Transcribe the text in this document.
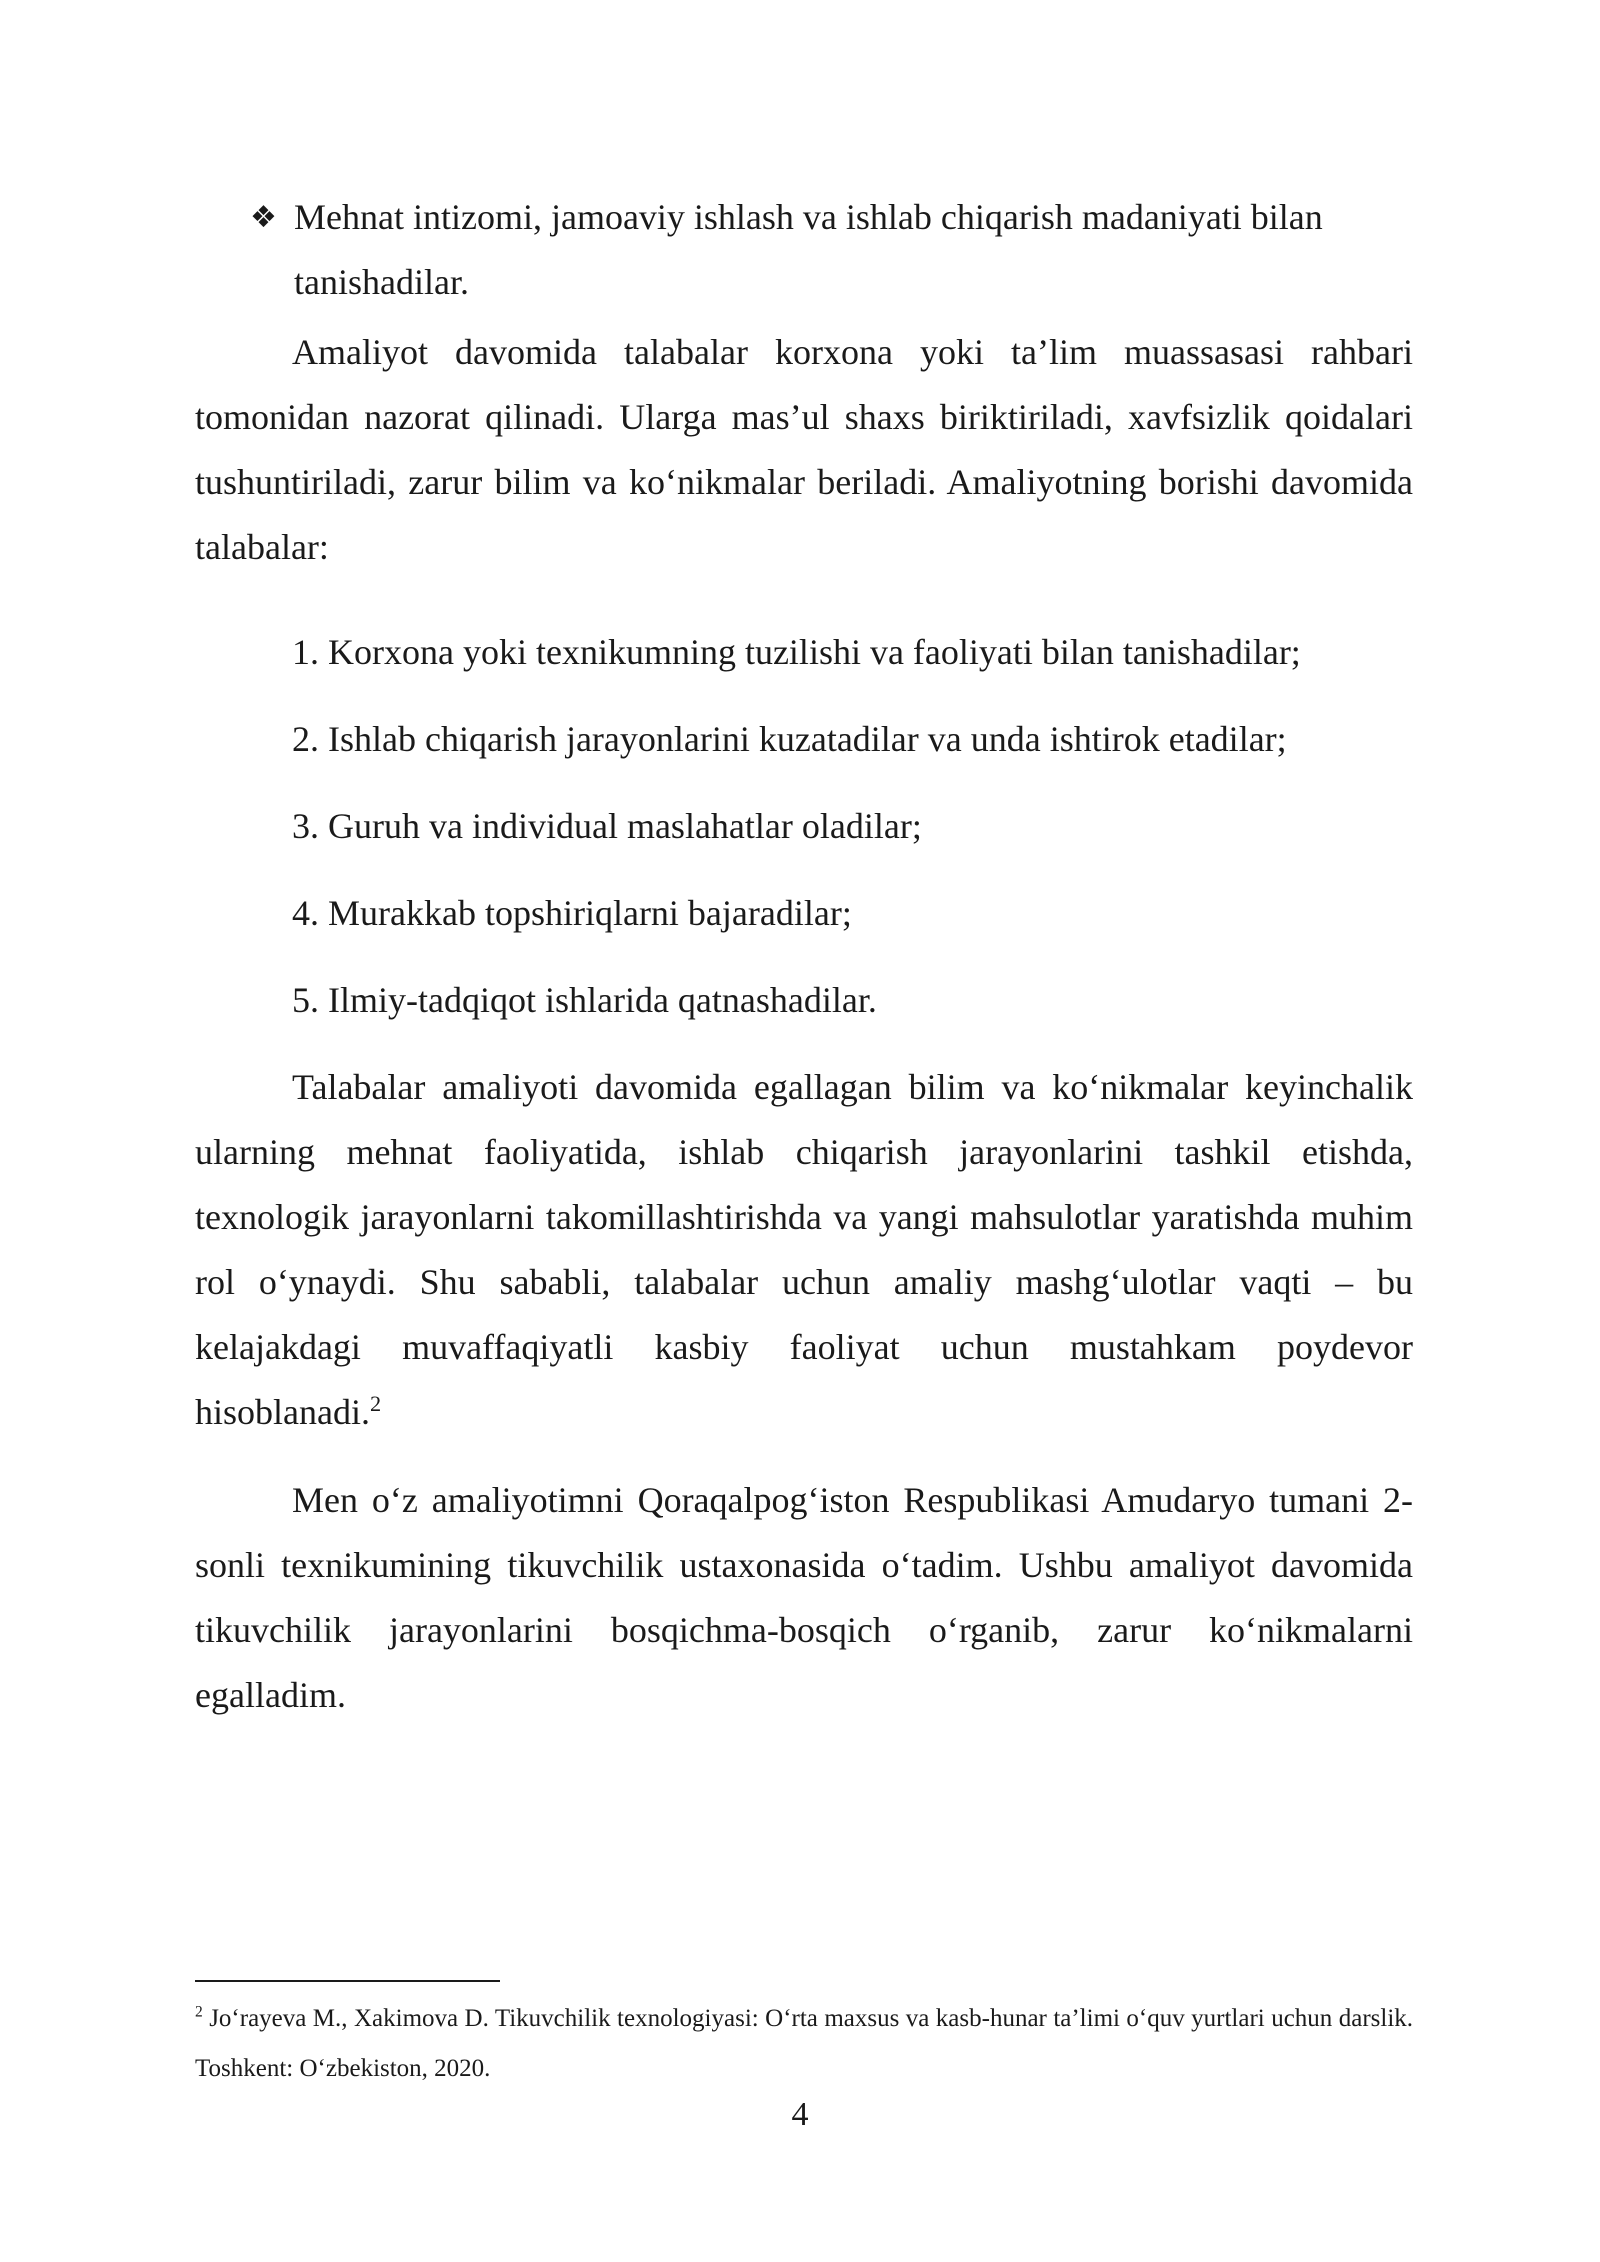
❖ Mehnat intizomi, jamoaviy ishlash va ishlab chiqarish madaniyati bilan tanishadilar.

Amaliyot davomida talabalar korxona yoki ta’lim muassasasi rahbari tomonidan nazorat qilinadi. Ularga mas’ul shaxs biriktiriladi, xavfsizlik qoidalari tushuntiriladi, zarur bilim va ko‘nikmalar beriladi. Amaliyotning borishi davomida talabalar:

1. Korxona yoki texnikumning tuzilishi va faoliyati bilan tanishadilar;
2. Ishlab chiqarish jarayonlarini kuzatadilar va unda ishtirok etadilar;
3. Guruh va individual maslahatlar oladilar;
4. Murakkab topshiriqlarni bajaradilar;
5. Ilmiy-tadqiqot ishlarida qatnashadilar.

Talabalar amaliyoti davomida egallagan bilim va ko‘nikmalar keyinchalik ularning mehnat faoliyatida, ishlab chiqarish jarayonlarini tashkil etishda, texnologik jarayonlarni takomillashtirishda va yangi mahsulotlar yaratishda muhim rol o‘ynaydi. Shu sababli, talabalar uchun amaliy mashg‘ulotlar vaqti – bu kelajakdagi muvaffaqiyatli kasbiy faoliyat uchun mustahkam poydevor hisoblanadi.$^2$

Men o‘z amaliyotimni Qoraqalpog‘iston Respublikasi Amudaryo tumani 2-sonli texnikumining tikuvchilik ustaxonasida o‘tadim. Ushbu amaliyot davomida tikuvchilik jarayonlarini bosqichma-bosqich o‘rganib, zarur ko‘nikmalarni egalladim.

$^2$ Jo‘rayeva M., Xakimova D. Tikuvchilik texnologiyasi: O‘rta maxsus va kasb-hunar ta’limi o‘quv yurtlari uchun darslik. Toshkent: O‘zbekiston, 2020.
4
